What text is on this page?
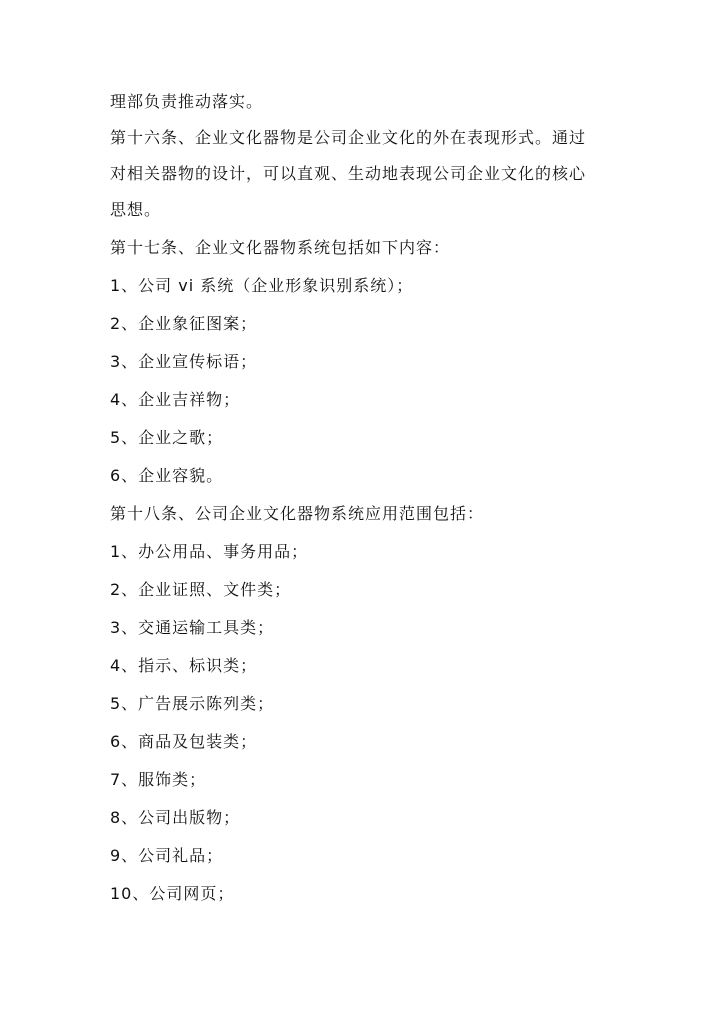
理部负责推动落实。

第十六条、企业文化器物是公司企业文化的外在表现形式。通过

对相关器物的设计，可以直观、生动地表现公司企业文化的核心

思想。

第十七条、企业文化器物系统包括如下内容：

1、公司 vi 系统（企业形象识别系统）；

2、企业象征图案；

3、企业宣传标语；

4、企业吉祥物；

5、企业之歌；

6、企业容貌。

第十八条、公司企业文化器物系统应用范围包括：

1、办公用品、事务用品；

2、企业证照、文件类；

3、交通运输工具类；

4、指示、标识类；

5、广告展示陈列类；

6、商品及包装类；

7、服饰类；

8、公司出版物；

9、公司礼品；

10、公司网页；
